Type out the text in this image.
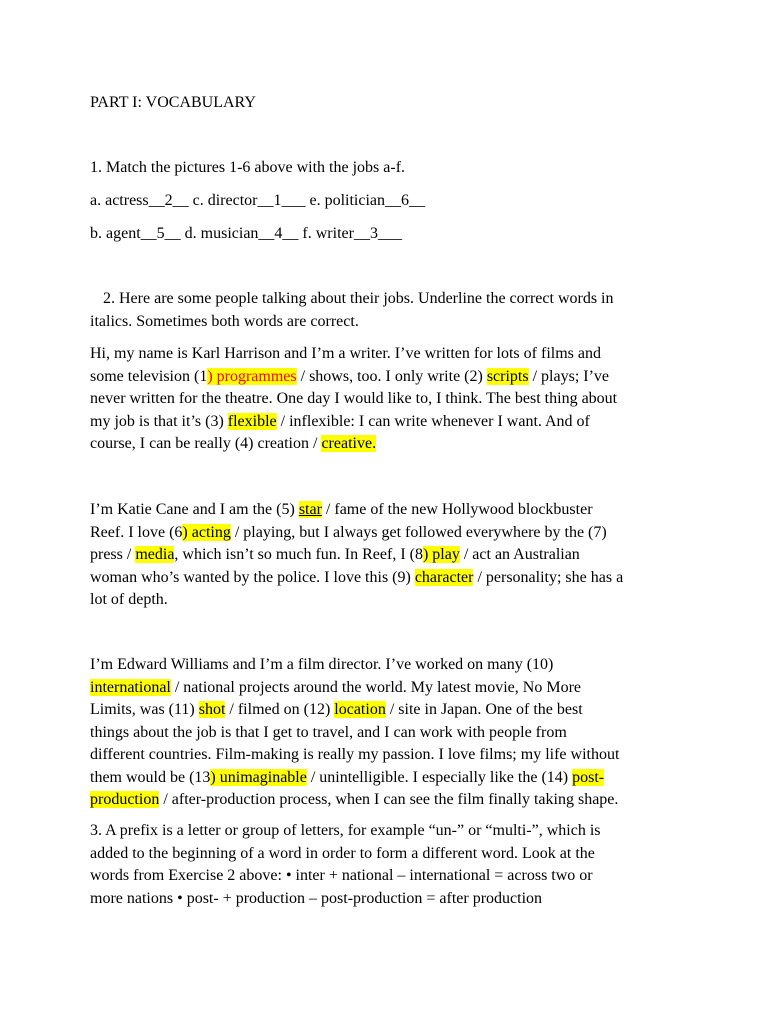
PART I: VOCABULARY
1. Match the pictures 1-6 above with the jobs a-f.
a. actress__2__ c. director__1___ e. politician__6__
b. agent__5__ d. musician__4__ f. writer__3___
2. Here are some people talking about their jobs. Underline the correct words in
italics. Sometimes both words are correct.
Hi, my name is Karl Harrison and I’m a writer. I’ve written for lots of films and
some television (1) programmes / shows, too. I only write (2) scripts / plays; I’ve
never written for the theatre. One day I would like to, I think. The best thing about
my job is that it’s (3) flexible / inflexible: I can write whenever I want. And of
course, I can be really (4) creation / creative.
I’m Katie Cane and I am the (5) star / fame of the new Hollywood blockbuster
Reef. I love (6) acting / playing, but I always get followed everywhere by the (7)
press / media, which isn’t so much fun. In Reef, I (8) play / act an Australian
woman who’s wanted by the police. I love this (9) character / personality; she has a
lot of depth.
I’m Edward Williams and I’m a film director. I’ve worked on many (10)
international / national projects around the world. My latest movie, No More
Limits, was (11) shot / filmed on (12) location / site in Japan. One of the best
things about the job is that I get to travel, and I can work with people from
different countries. Film-making is really my passion. I love films; my life without
them would be (13) unimaginable / unintelligible. I especially like the (14) post-
production / after-production process, when I can see the film finally taking shape.
3. A prefix is a letter or group of letters, for example “un-” or “multi-”, which is
added to the beginning of a word in order to form a different word. Look at the
words from Exercise 2 above: • inter + national – international = across two or
more nations • post- + production – post-production = after production
